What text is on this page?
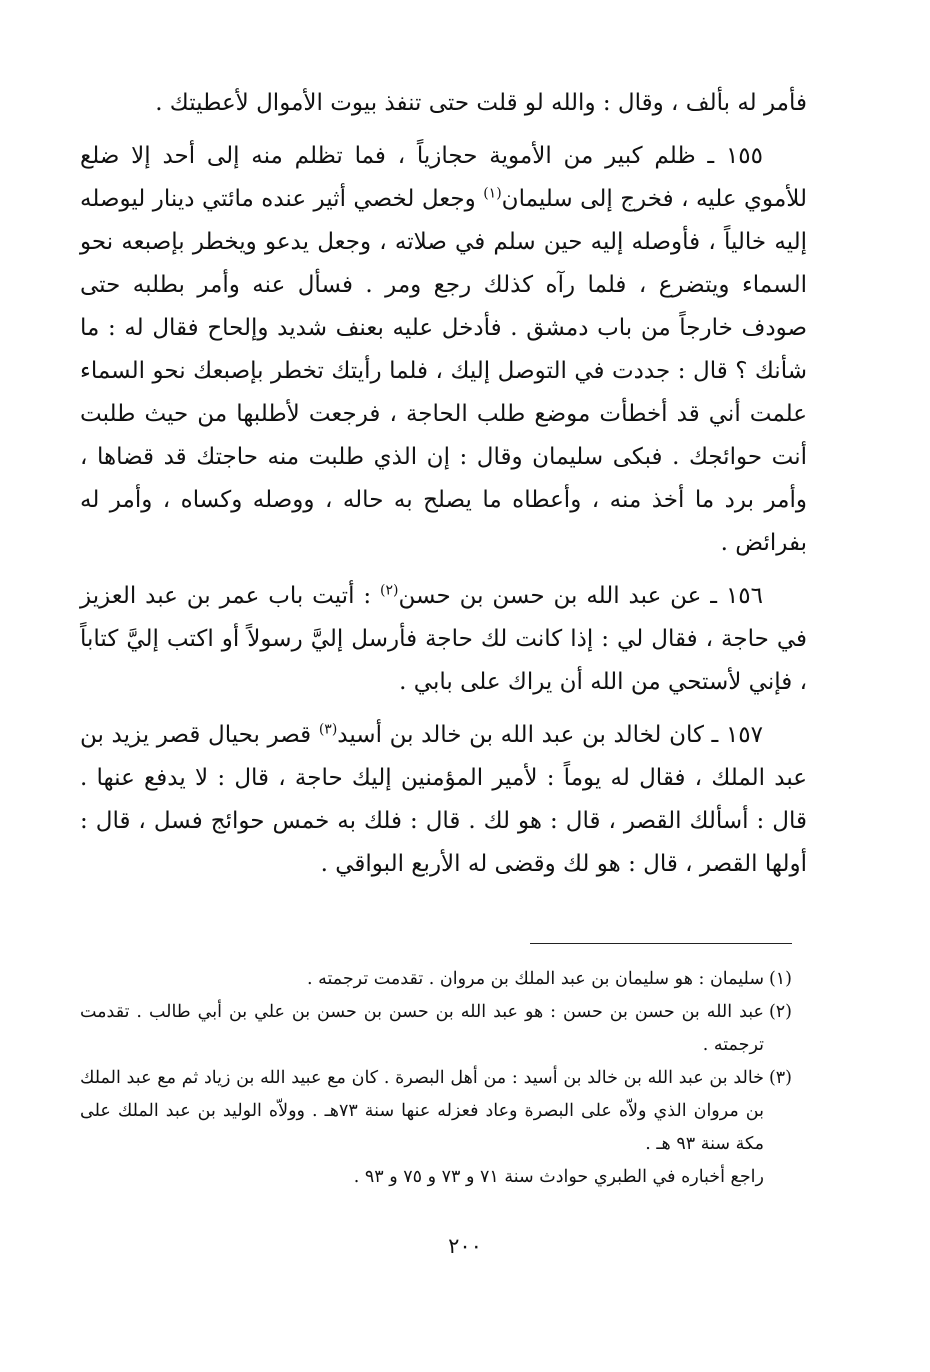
فأمر له بألف ، وقال : والله لو قلت حتى تنفذ بيوت الأموال لأعطيتك .

١٥٥ ـ ظلم كبير من الأموية حجازياً ، فما تظلم منه إلى أحد إلا ضلع للأموي عليه ، فخرج إلى سليمان$^{(١)}$ وجعل لخصي أثير عنده مائتي دينار ليوصله إليه خالياً ، فأوصله إليه حين سلم في صلاته ، وجعل يدعو ويخطر بإصبعه نحو السماء ويتضرع ، فلما رآه كذلك رجع ومر . فسأل عنه وأمر بطلبه حتى صودف خارجاً من باب دمشق . فأدخل عليه بعنف شديد وإلحاح فقال له : ما شأنك ؟ قال : جددت في التوصل إليك ، فلما رأيتك تخطر بإصبعك نحو السماء علمت أني قد أخطأت موضع طلب الحاجة ، فرجعت لأطلبها من حيث طلبت أنت حوائجك . فبكى سليمان وقال : إن الذي طلبت منه حاجتك قد قضاها ، وأمر برد ما أخذ منه ، وأعطاه ما يصلح به حاله ، ووصله وكساه ، وأمر له بفرائض .

١٥٦ ـ عن عبد الله بن حسن بن حسن$^{(٢)}$ : أتيت باب عمر بن عبد العزيز في حاجة ، فقال لي : إذا كانت لك حاجة فأرسل إليَّ رسولاً أو اكتب إليَّ كتاباً ، فإني لأستحي من الله أن يراك على بابي .

١٥٧ ـ كان لخالد بن عبد الله بن خالد بن أسيد$^{(٣)}$ قصر بحيال قصر يزيد بن عبد الملك ، فقال له يوماً : لأمير المؤمنين إليك حاجة ، قال : لا يدفع عنها . قال : أسألك القصر ، قال : هو لك . قال : فلك به خمس حوائج فسل ، قال : أولها القصر ، قال : هو لك وقضى له الأربع البواقي .

(١)

سليمان : هو سليمان بن عبد الملك بن مروان . تقدمت ترجمته .

(٢)

عبد الله بن حسن بن حسن : هو عبد الله بن حسن بن حسن بن علي بن أبي طالب . تقدمت ترجمته .

(٣)

خالد بن عبد الله بن خالد بن أسيد : من أهل البصرة . كان مع عبيد الله بن زياد ثم مع عبد الملك بن مروان الذي ولاّه على البصرة وعاد فعزله عنها سنة ٧٣هـ . وولاّه الوليد بن عبد الملك على مكة سنة ٩٣ هـ .

راجع أخباره في الطبري حوادث سنة ٧١ و ٧٣ و ٧٥ و ٩٣ .

٢٠٠
